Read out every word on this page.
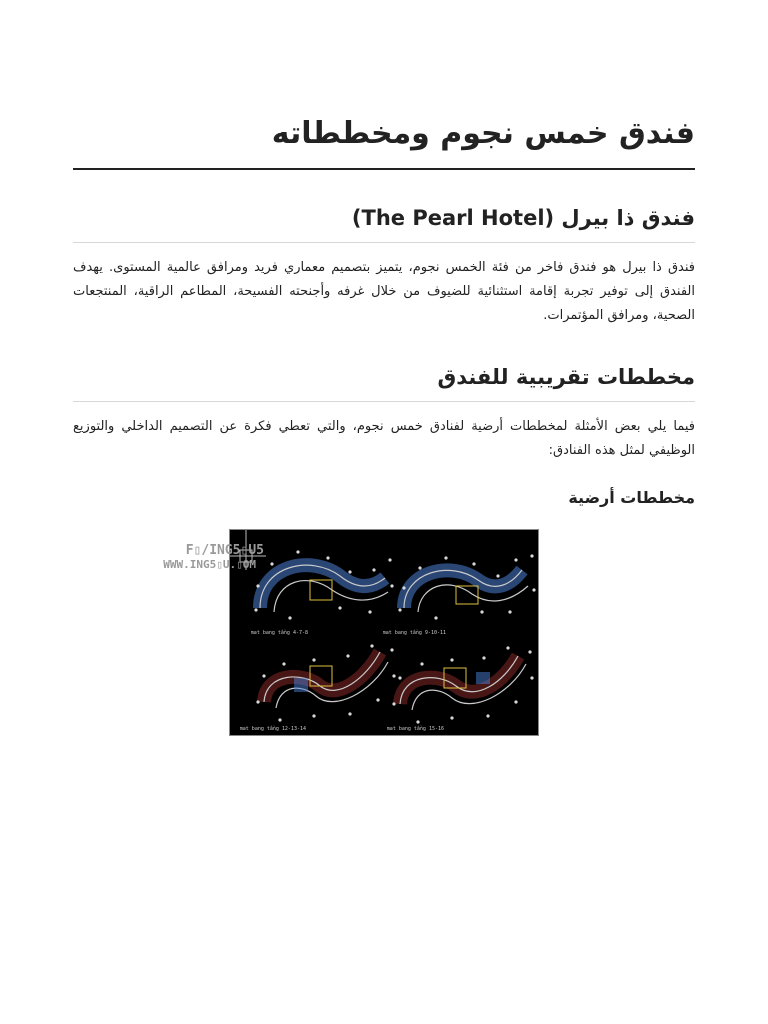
فندق خمس نجوم ومخططاته
فندق ذا بيرل (The Pearl Hotel)

فندق ذا بيرل هو فندق فاخر من فئة الخمس نجوم، يتميز بتصميم معماري فريد ومرافق عالمية المستوى. يهدف الفندق إلى توفير تجربة إقامة استثنائية للضيوف من خلال غرفه وأجنحته الفسيحة، المطاعم الراقية، المنتجعات الصحية، ومرافق المؤتمرات.

مخططات تقريبية للفندق

فيما يلي بعض الأمثلة لمخططات أرضية لفنادق خمس نجوم، والتي تعطي فكرة عن التصميم الداخلي والتوزيع الوظيفي لمثل هذه الفنادق:

مخططات أرضية
F▯/ING5▯U5
WWW.ING5▯U.▯OM
mat bang tầng 4-7-8	mat bang tầng 9-10-11
mat bang tầng 12-13-14	mat bang tầng 15-16
